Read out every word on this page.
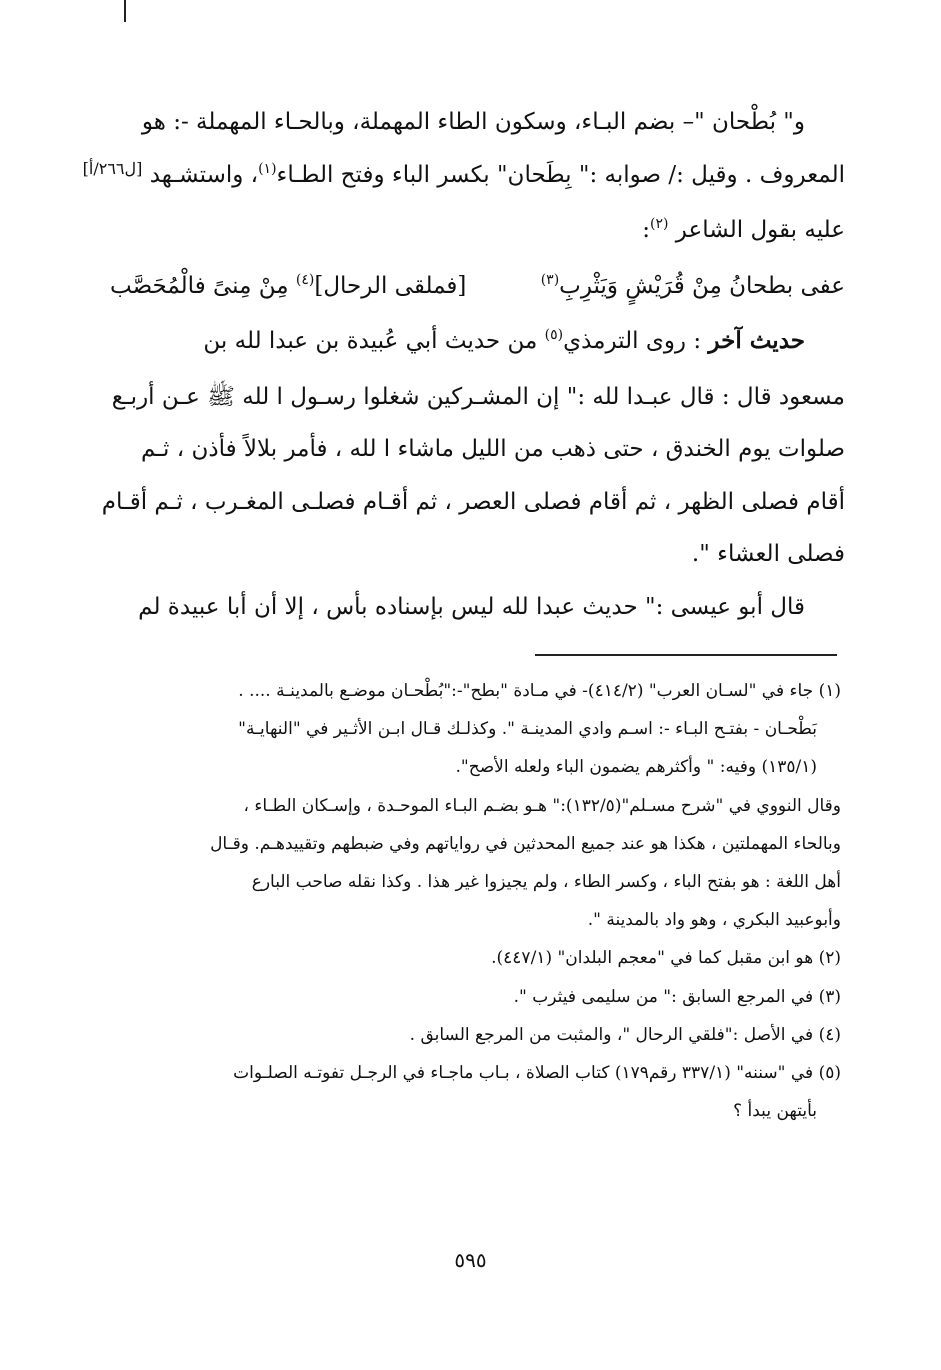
و" بُطْحان "– بضم البـاء، وسكون الطاء المهملة، وبالحـاء المهملة -: هو
المعروف . وقيل :/ صوابه :" بِطَحان" بكسر الباء وفتح الطـاء$^{(١)}$، واستشـهد [ل٢٦٦/أ]
عليه بقول الشاعر $^{(٢)}$:
عفى بطحانُ مِنْ قُرَيْشٍ وَيَثْرِبِ$^{(٣)}$
[فملقى الرحال]$^{(٤)}$ مِنْ مِنىً فالْمُحَصَّب
حديث آخر : روى الترمذي$^{(٥)}$ من حديث أبي عُبيدة بن عبدا لله بن
مسعود قال : قال عبـدا لله :" إن المشـركين شغلوا رسـول ا لله ﷺ عـن أربـع
صلوات يوم الخندق ، حتى ذهب من الليل ماشاء ا لله ، فأمر بلالاً فأذن ، ثـم
أقام فصلى الظهر ، ثم أقام فصلى العصر ، ثم أقـام فصلـى المغـرب ، ثـم أقـام
فصلى العشاء ".
قال أبو عيسى :" حديث عبدا لله ليس بإسناده بأس ، إلا أن أبا عبيدة لم
(١) جاء في "لسـان العرب" (٤١٤/٢)- في مـادة "بطح"-:"بُطْحـان موضـع بالمدينـة .... .
بَطْحـان - بفتـح البـاء -: اسـم وادي المدينـة ". وكذلـك قـال ابـن الأثـير في "النهايـة"
(١٣٥/١) وفيه: " وأكثرهم يضمون الباء ولعله الأصح".
وقال النووي في "شرح مسـلم"(١٣٢/٥):" هـو بضـم البـاء الموحـدة ، وإسـكان الطـاء ،
وبالحاء المهملتين ، هكذا هو عند جميع المحدثين في رواياتهم وفي ضبطهم وتقييدهـم. وقـال
أهل اللغة : هو بفتح الباء ، وكسر الطاء ، ولم يجيزوا غير هذا . وكذا نقله صاحب البارع
وأبوعبيد البكري ، وهو واد بالمدينة ".
(٢) هو ابن مقبل كما في "معجم البلدان" (٤٤٧/١).
(٣) في المرجع السابق :" من سليمى فيثرب ".
(٤) في الأصل :"فلقي الرحال "، والمثبت من المرجع السابق .
(٥) في "سننه" (٣٣٧/١ رقم١٧٩) كتاب الصلاة ، بـاب ماجـاء في الرجـل تفوتـه الصلـوات
بأيتهن يبدأ ؟
٥٩٥
